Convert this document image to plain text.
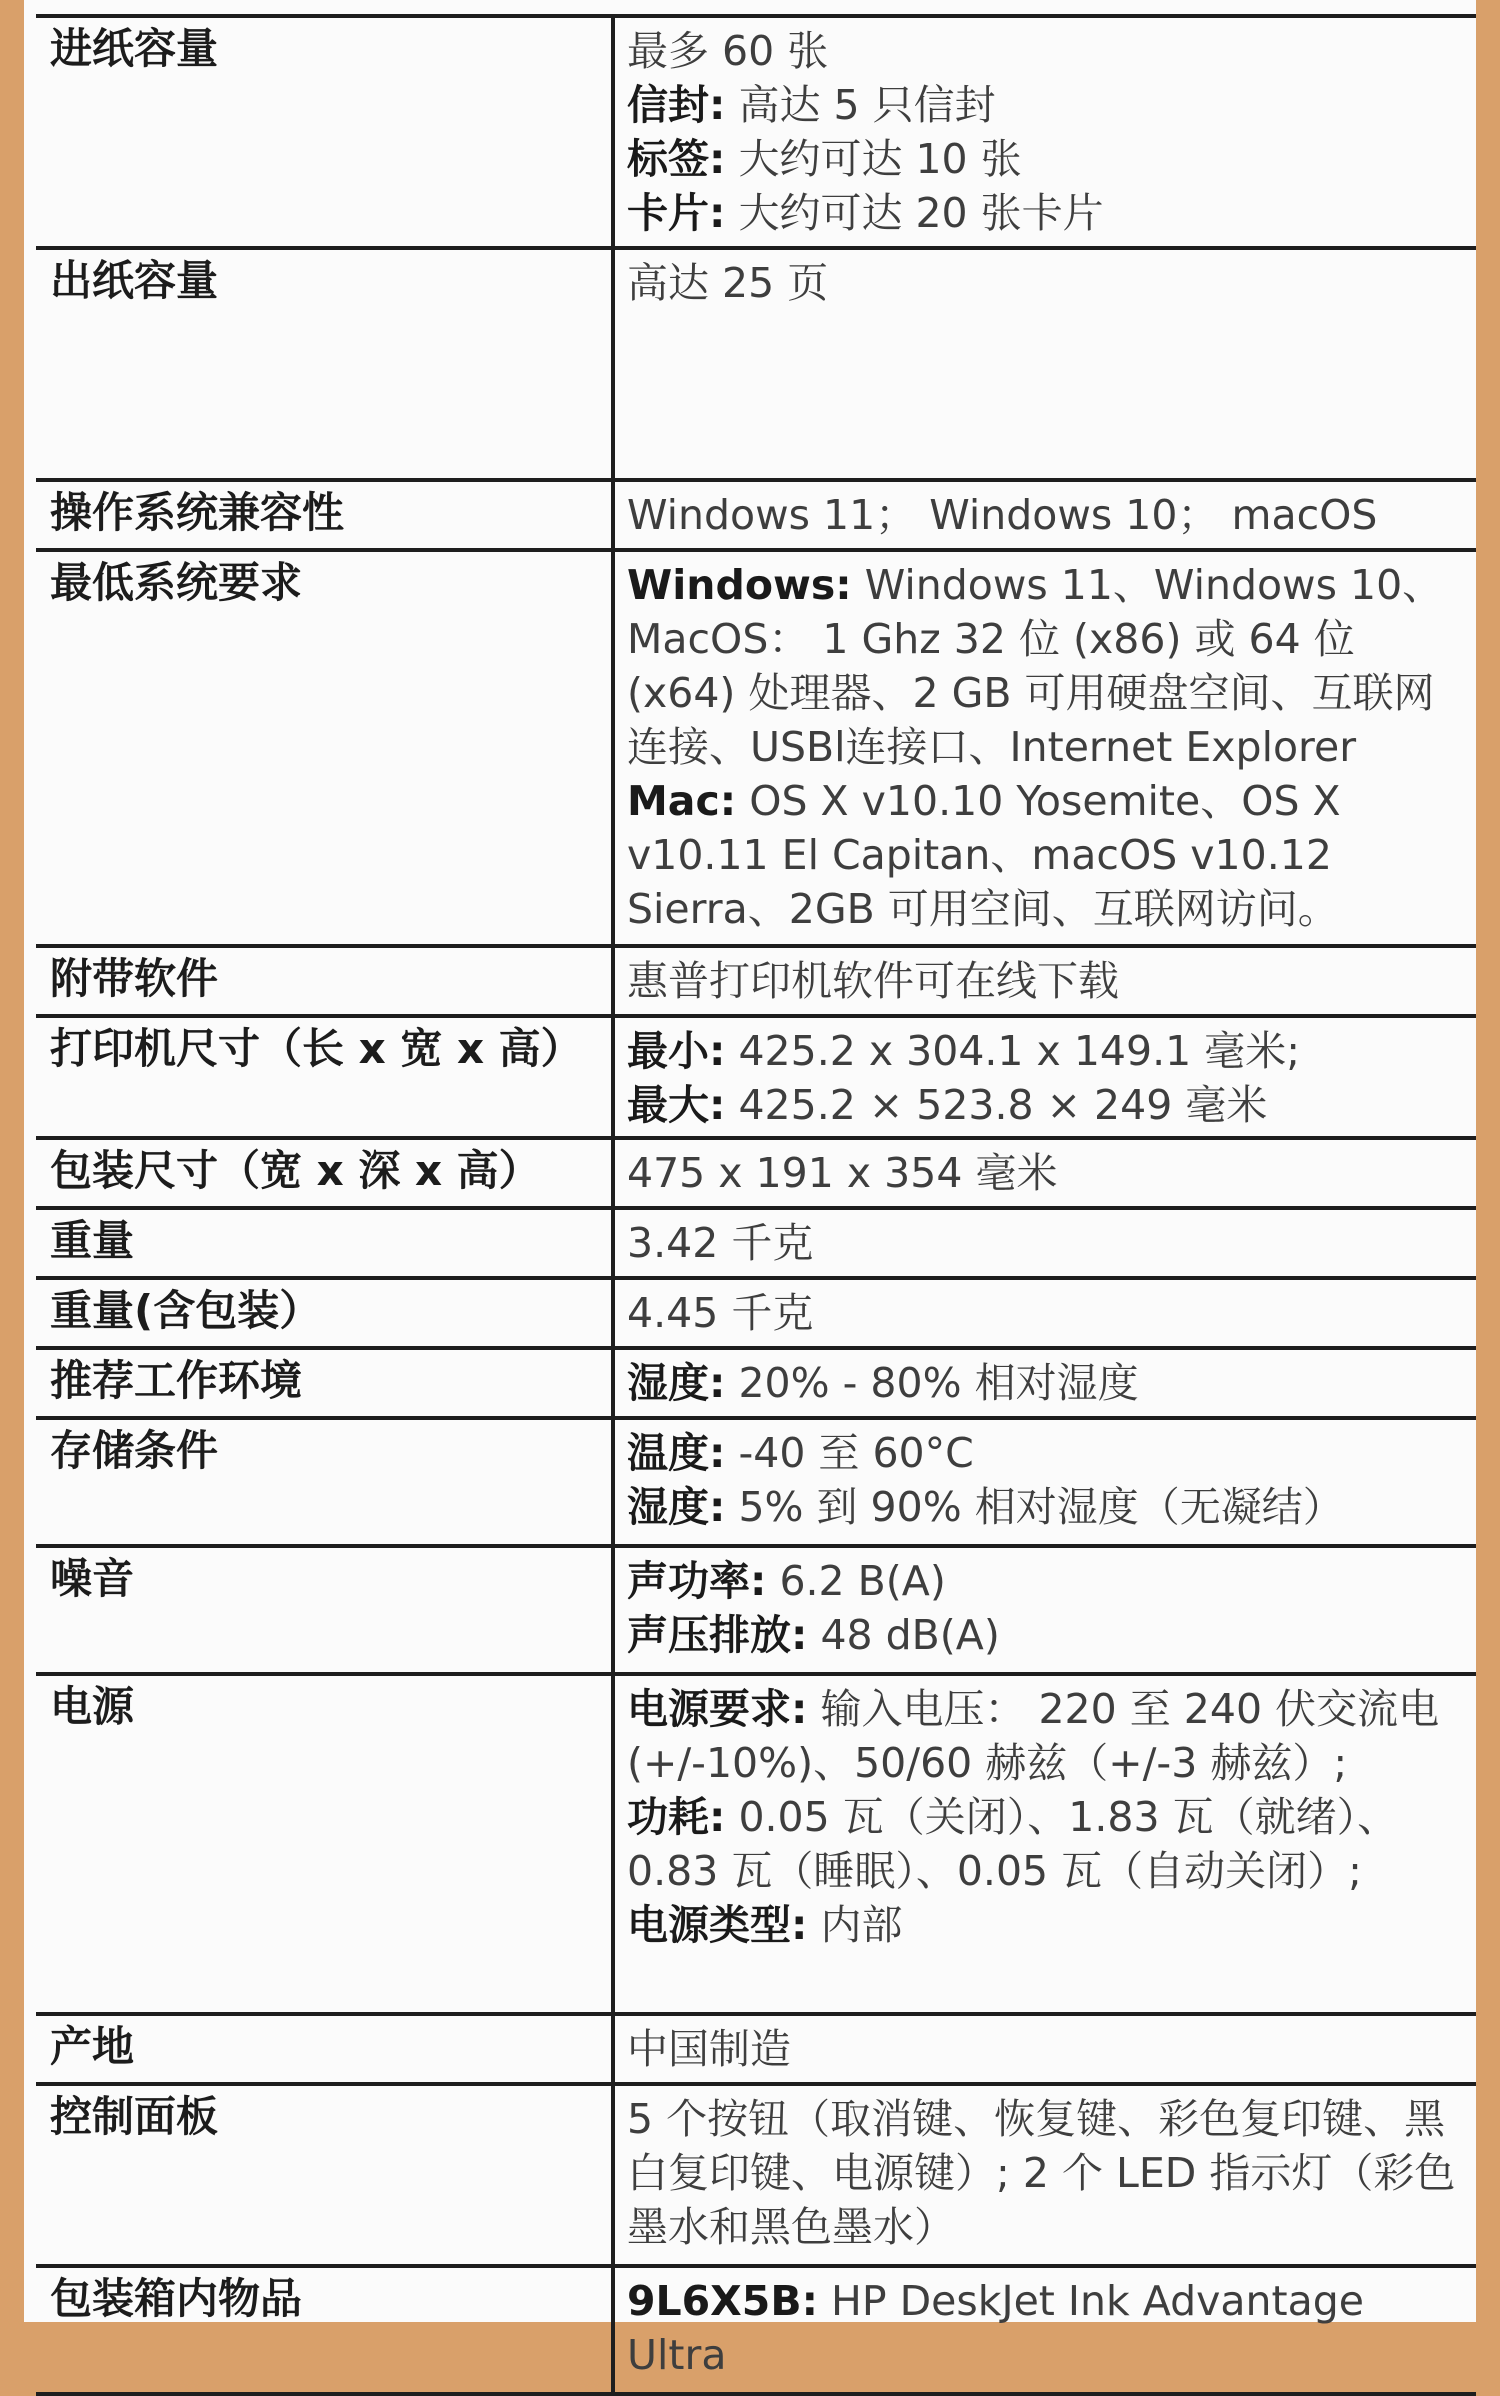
进纸容量	最多 60 张
信封: 高达 5 只信封
标签: 大约可达 10 张
卡片: 大约可达 20 张卡片

出纸容量	高达 25 页

操作系统兼容性	Windows 11； Windows 10； macOS

最低系统要求	Windows: Windows 11、Windows 10、MacOS： 1 Ghz 32 位 (x86) 或 64 位 (x64) 处理器、2 GB 可用硬盘空间、互联网连接、USBl连接口、Internet Explorer
Mac: OS X v10.10 Yosemite、OS X v10.11 El Capitan、macOS v10.12 Sierra、2GB 可用空间、互联网访问。

附带软件	惠普打印机软件可在线下载

打印机尺寸（长 x 宽 x 高）	最小: 425.2 x 304.1 x 149.1 毫米;
最大: 425.2 × 523.8 × 249 毫米

包装尺寸（宽 x 深 x 高）	475 x 191 x 354 毫米

重量	3.42 千克

重量(含包装）	4.45 千克

推荐工作环境	湿度: 20% - 80% 相对湿度

存储条件	温度: -40 至 60°C
湿度: 5% 到 90% 相对湿度（无凝结）

噪音	声功率: 6.2 B(A)
声压排放: 48 dB(A)

电源	电源要求: 输入电压： 220 至 240 伏交流电 (+/-10%)、50/60 赫兹（+/-3 赫兹）;
功耗: 0.05 瓦（关闭）、1.83 瓦（就绪）、0.83 瓦（睡眠）、0.05 瓦（自动关闭）;
电源类型: 内部

产地	中国制造

控制面板	5 个按钮（取消键、恢复键、彩色复印键、黑白复印键、电源键）; 2 个 LED 指示灯（彩色墨水和黑色墨水）

包装箱内物品	9L6X5B: HP DeskJet Ink Advantage Ultra
